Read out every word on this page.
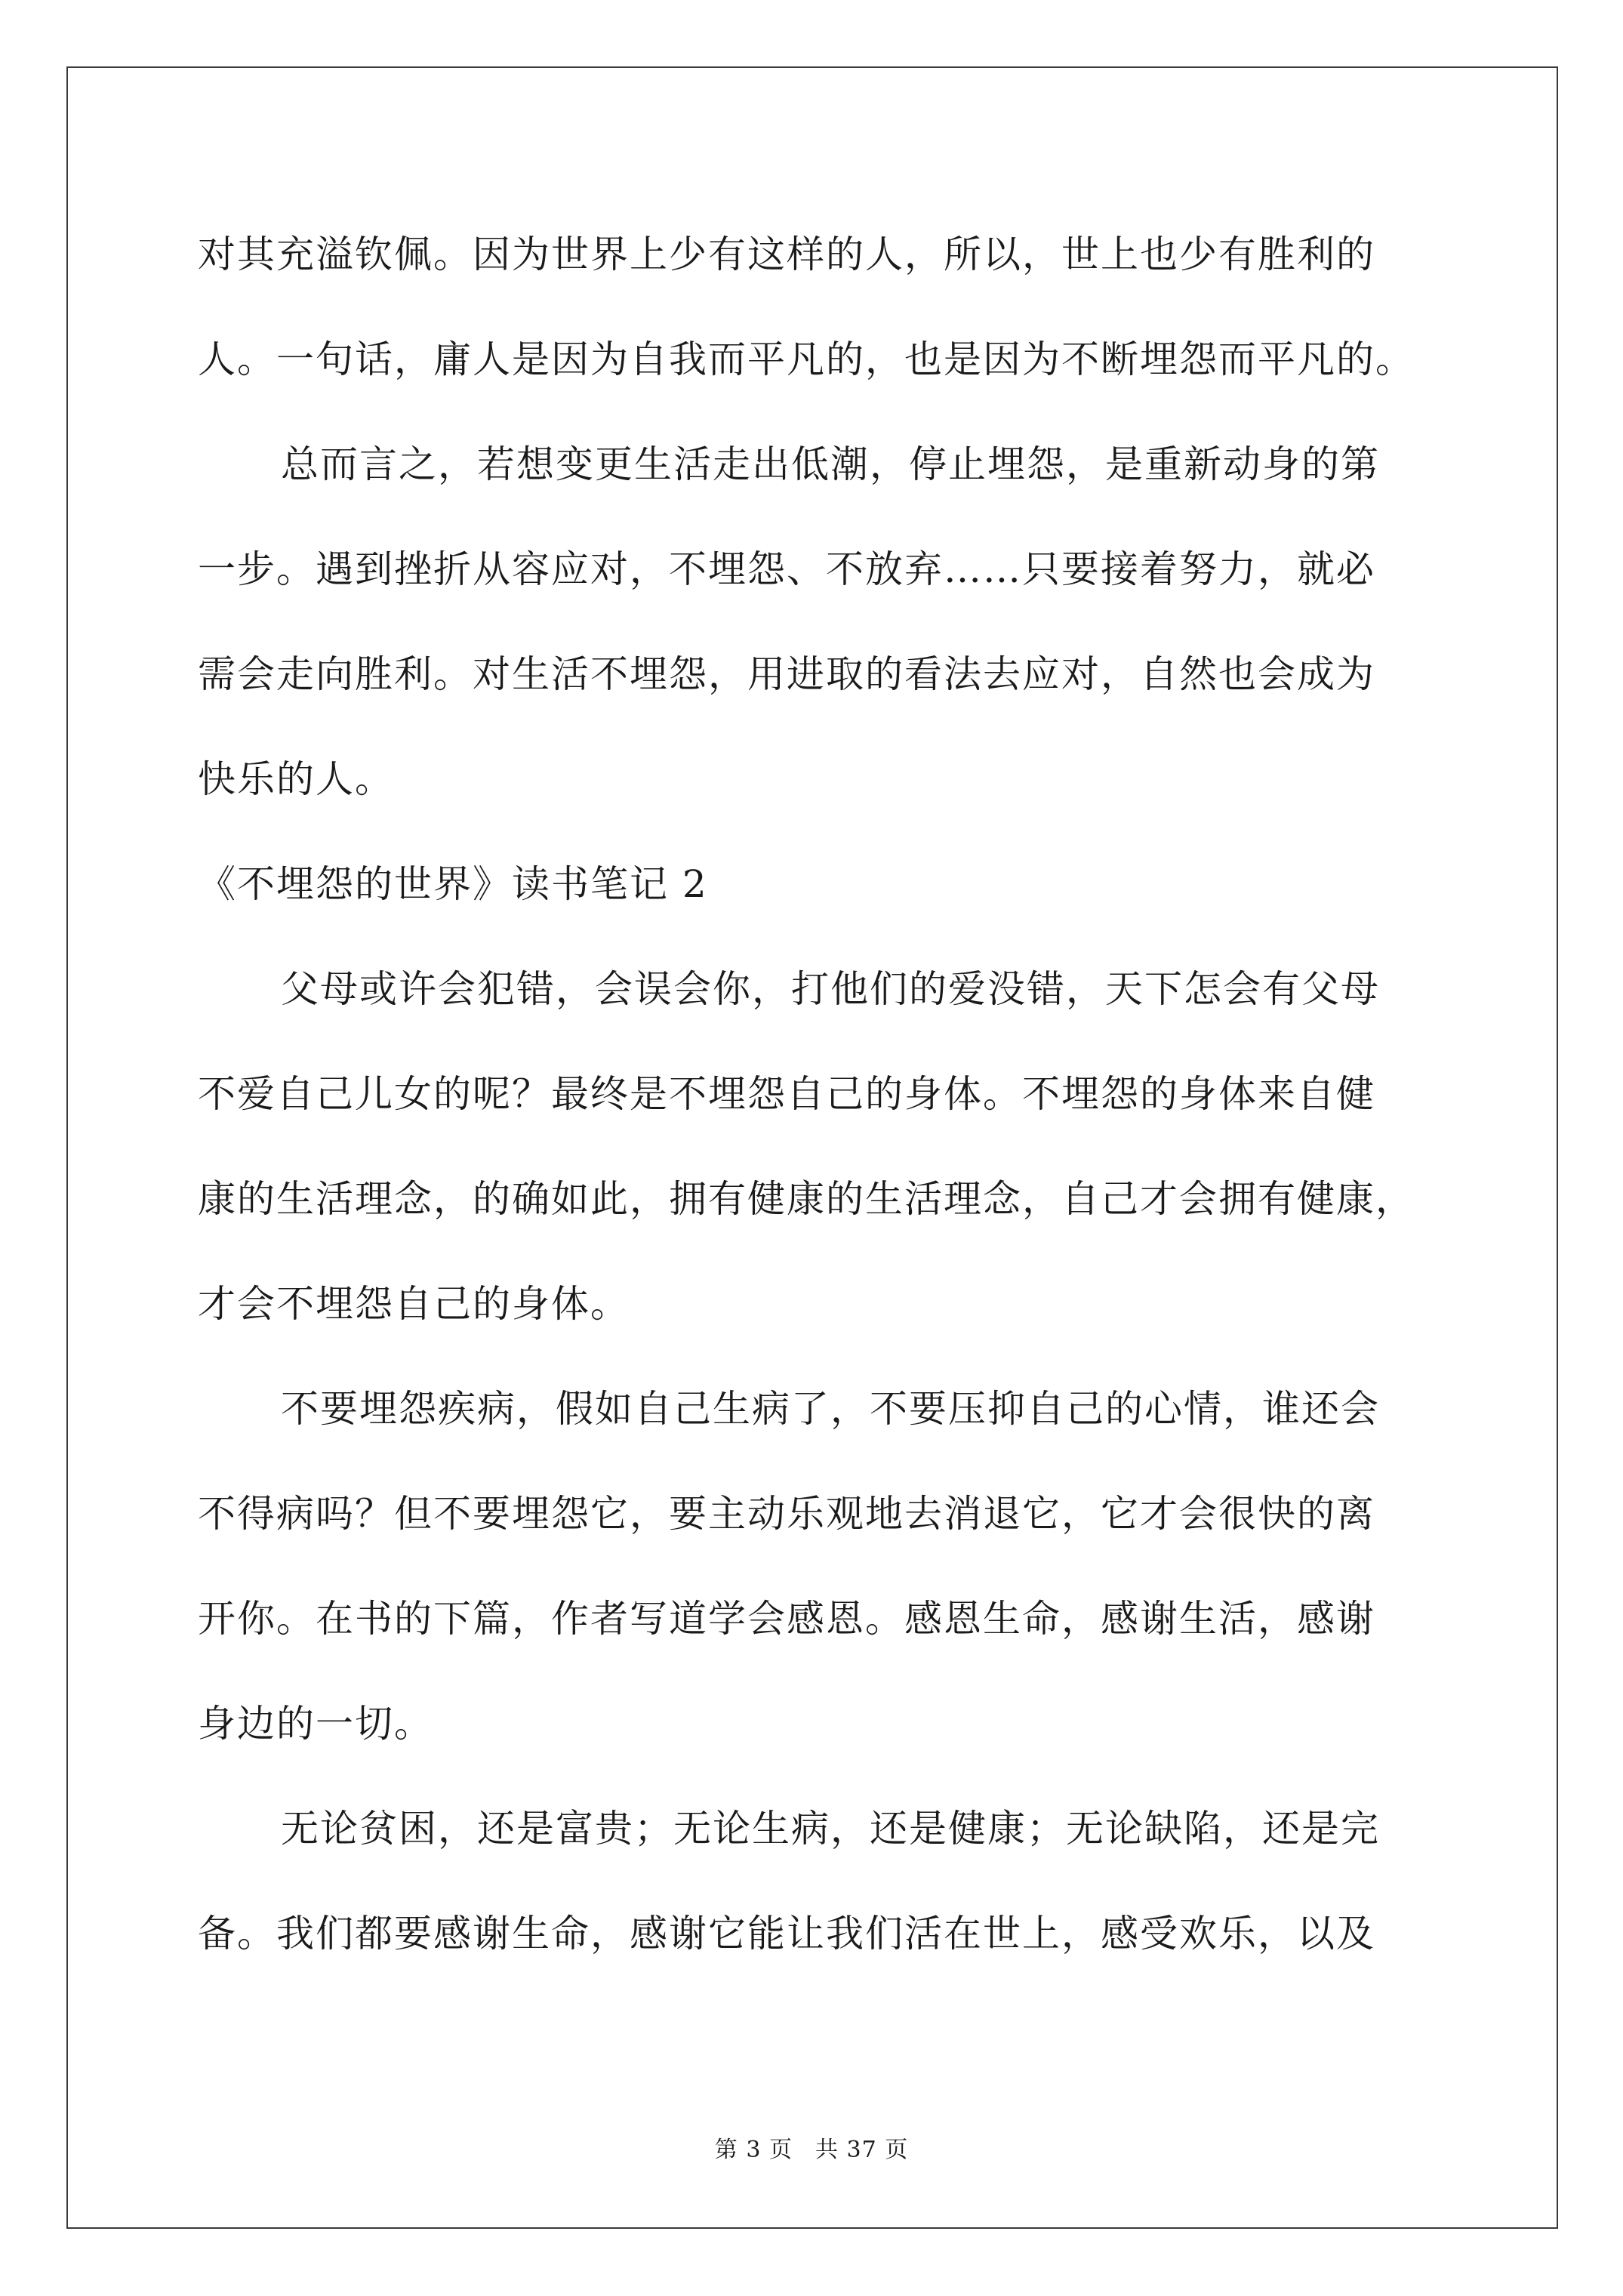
对其充溢钦佩。因为世界上少有这样的人，所以，世上也少有胜利的
人。一句话，庸人是因为自我而平凡的，也是因为不断埋怨而平凡的。
总而言之，若想变更生活走出低潮，停止埋怨，是重新动身的第
一步。遇到挫折从容应对，不埋怨、不放弃……只要接着努力，就必
需会走向胜利。对生活不埋怨，用进取的看法去应对，自然也会成为
快乐的人。
《不埋怨的世界》读书笔记 2
父母或许会犯错，会误会你，打他们的爱没错，天下怎会有父母
不爱自己儿女的呢？最终是不埋怨自己的身体。不埋怨的身体来自健
康的生活理念，的确如此，拥有健康的生活理念，自己才会拥有健康，
才会不埋怨自己的身体。
不要埋怨疾病，假如自己生病了，不要压抑自己的心情，谁还会
不得病吗？但不要埋怨它，要主动乐观地去消退它，它才会很快的离
开你。在书的下篇，作者写道学会感恩。感恩生命，感谢生活，感谢
身边的一切。
无论贫困，还是富贵；无论生病，还是健康；无论缺陷，还是完
备。我们都要感谢生命，感谢它能让我们活在世上，感受欢乐，以及
第 3 页 共 37 页
